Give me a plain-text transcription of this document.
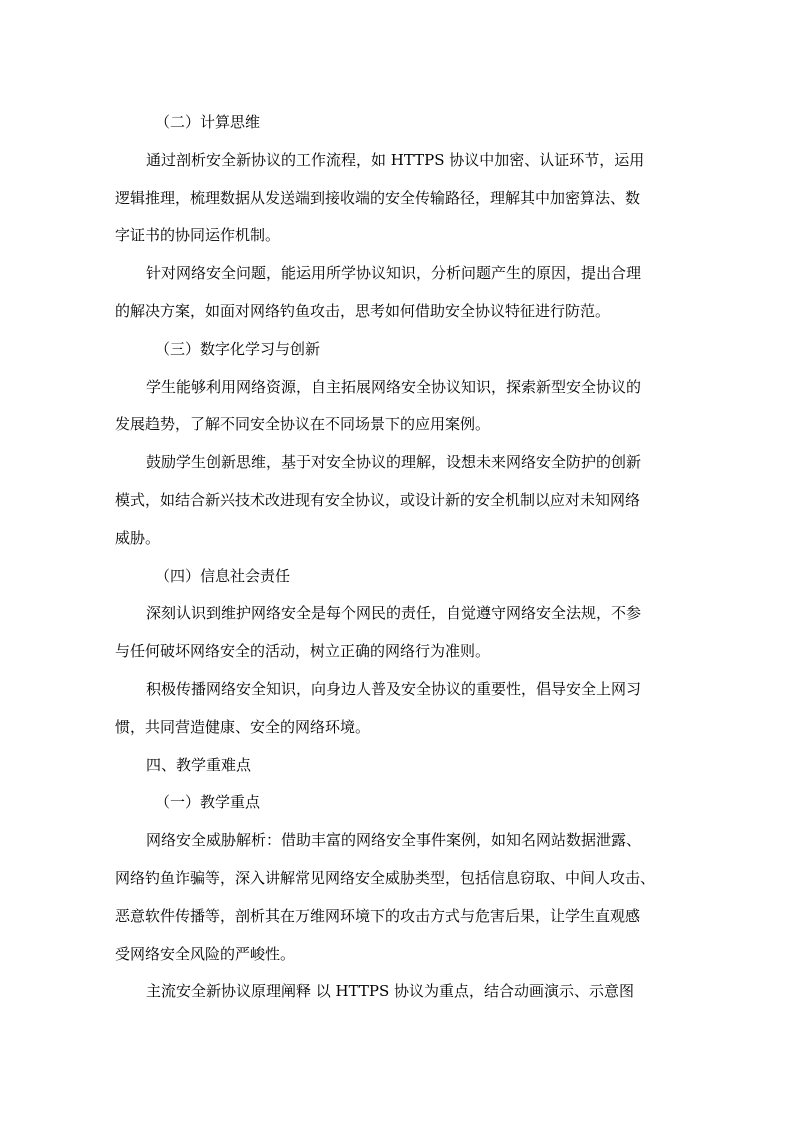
（二）计算思维
通过剖析安全新协议的工作流程，如 HTTPS 协议中加密、认证环节，运用
逻辑推理，梳理数据从发送端到接收端的安全传输路径，理解其中加密算法、数
字证书的协同运作机制。
针对网络安全问题，能运用所学协议知识，分析问题产生的原因，提出合理
的解决方案，如面对网络钓鱼攻击，思考如何借助安全协议特征进行防范。
（三）数字化学习与创新
学生能够利用网络资源，自主拓展网络安全协议知识，探索新型安全协议的
发展趋势，了解不同安全协议在不同场景下的应用案例。
鼓励学生创新思维，基于对安全协议的理解，设想未来网络安全防护的创新
模式，如结合新兴技术改进现有安全协议，或设计新的安全机制以应对未知网络
威胁。
（四）信息社会责任
深刻认识到维护网络安全是每个网民的责任，自觉遵守网络安全法规，不参
与任何破坏网络安全的活动，树立正确的网络行为准则。
积极传播网络安全知识，向身边人普及安全协议的重要性，倡导安全上网习
惯，共同营造健康、安全的网络环境。
四、教学重难点
（一）教学重点
网络安全威胁解析：借助丰富的网络安全事件案例，如知名网站数据泄露、
网络钓鱼诈骗等，深入讲解常见网络安全威胁类型，包括信息窃取、中间人攻击、
恶意软件传播等，剖析其在万维网环境下的攻击方式与危害后果，让学生直观感
受网络安全风险的严峻性。
主流安全新协议原理阐释 以 HTTPS 协议为重点，结合动画演示、示意图
